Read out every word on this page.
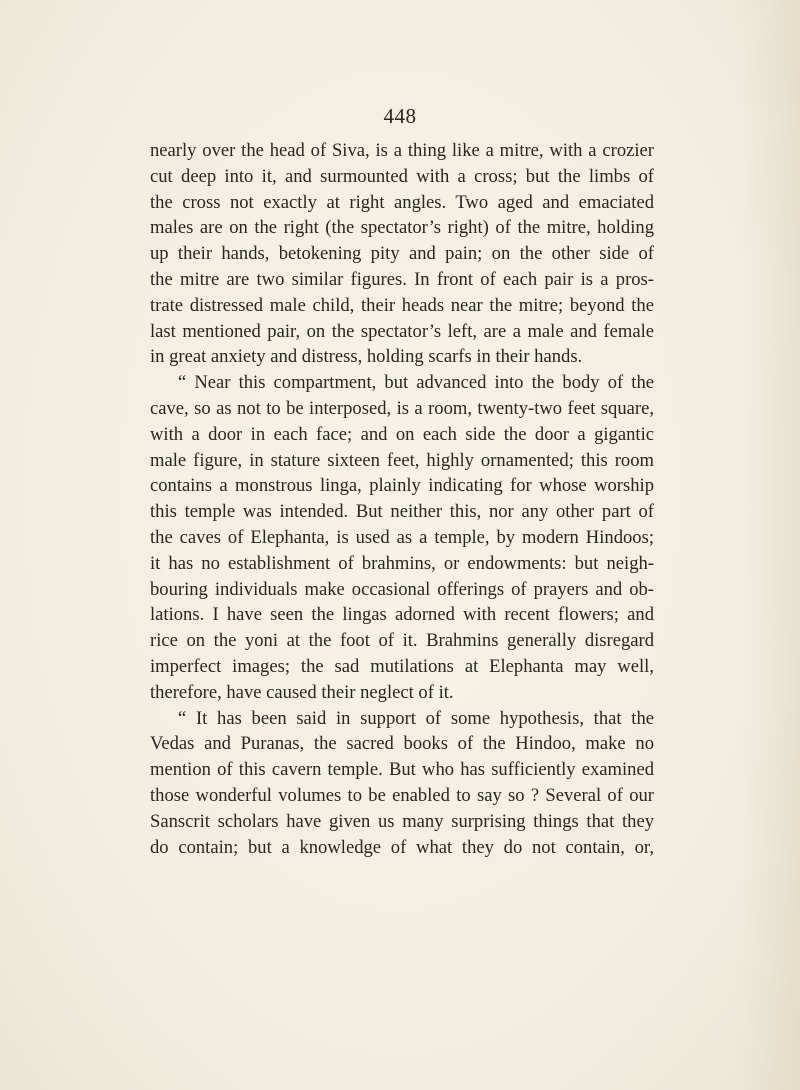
448
nearly over the head of Siva, is a thing like a mitre, with a crozier
cut deep into it, and surmounted with a cross; but the limbs of
the cross not exactly at right angles. Two aged and emaciated
males are on the right (the spectator’s right) of the mitre, holding
up their hands, betokening pity and pain; on the other side of
the mitre are two similar figures. In front of each pair is a pros-
trate distressed male child, their heads near the mitre; beyond the
last mentioned pair, on the spectator’s left, are a male and female
in great anxiety and distress, holding scarfs in their hands.
“ Near this compartment, but advanced into the body of the
cave, so as not to be interposed, is a room, twenty-two feet square,
with a door in each face; and on each side the door a gigantic
male figure, in stature sixteen feet, highly ornamented; this room
contains a monstrous linga, plainly indicating for whose worship
this temple was intended. But neither this, nor any other part of
the caves of Elephanta, is used as a temple, by modern Hindoos;
it has no establishment of brahmins, or endowments: but neigh-
bouring individuals make occasional offerings of prayers and ob-
lations. I have seen the lingas adorned with recent flowers; and
rice on the yoni at the foot of it. Brahmins generally disregard
imperfect images; the sad mutilations at Elephanta may well,
therefore, have caused their neglect of it.
“ It has been said in support of some hypothesis, that the
Vedas and Puranas, the sacred books of the Hindoo, make no
mention of this cavern temple. But who has sufficiently examined
those wonderful volumes to be enabled to say so ? Several of our
Sanscrit scholars have given us many surprising things that they
do contain; but a knowledge of what they do not contain, or,
